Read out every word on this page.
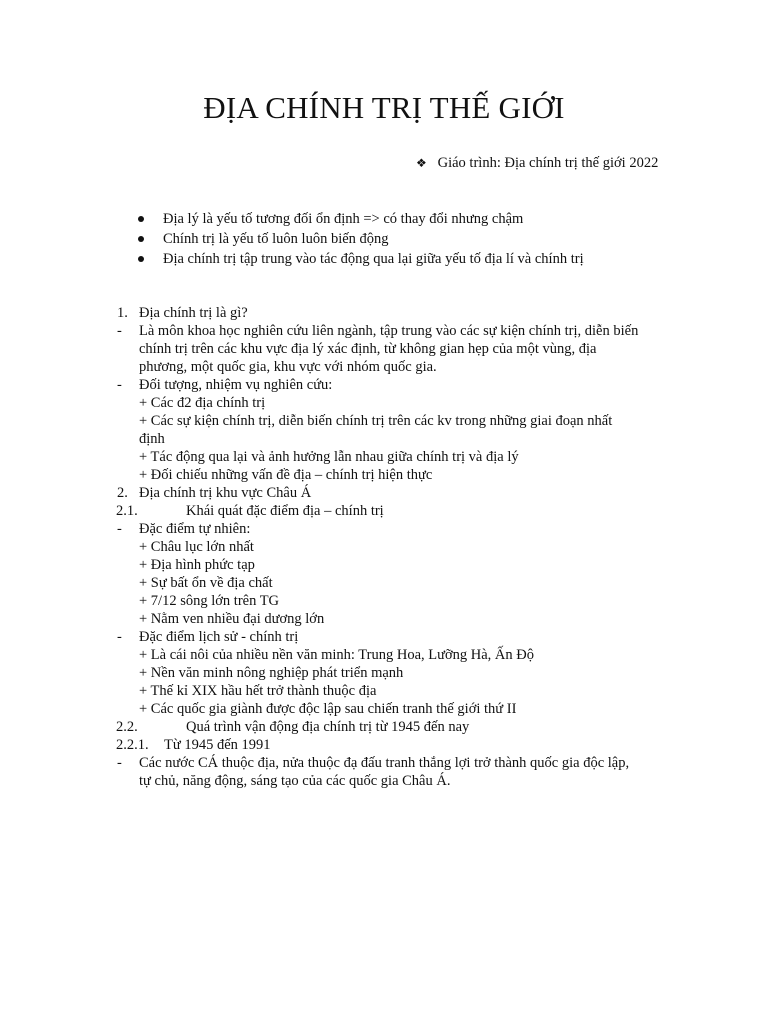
ĐỊA CHÍNH TRỊ THẾ GIỚI
❖ Giáo trình: Địa chính trị thế giới 2022
Địa lý là yếu tố tương đối ổn định => có thay đổi nhưng chậm
Chính trị là yếu tố luôn luôn biến động
Địa chính trị tập trung vào tác động qua lại giữa yếu tố địa lí và chính trị
1. Địa chính trị là gì?
- Là môn khoa học nghiên cứu liên ngành, tập trung vào các sự kiện chính trị, diễn biến
chính trị trên các khu vực địa lý xác định, từ không gian hẹp của một vùng, địa
phương, một quốc gia, khu vực với nhóm quốc gia.
- Đối tượng, nhiệm vụ nghiên cứu:
+ Các đ2 địa chính trị
+ Các sự kiện chính trị, diễn biến chính trị trên các kv trong những giai đoạn nhất
định
+ Tác động qua lại và ảnh hưởng lẫn nhau giữa chính trị và địa lý
+ Đối chiếu những vấn đề địa – chính trị hiện thực
2. Địa chính trị khu vực Châu Á
2.1.	Khái quát đặc điểm địa – chính trị
- Đặc điểm tự nhiên:
+ Châu lục lớn nhất
+ Địa hình phức tạp
+ Sự bất ổn về địa chất
+ 7/12 sông lớn trên TG
+ Nằm ven nhiều đại dương lớn
- Đặc điểm lịch sử - chính trị
+ Là cái nôi của nhiều nền văn minh: Trung Hoa, Lưỡng Hà, Ấn Độ
+ Nền văn minh nông nghiệp phát triển mạnh
+ Thế kỉ XIX hầu hết trở thành thuộc địa
+ Các quốc gia giành được độc lập sau chiến tranh thế giới thứ II
2.2.	Quá trình vận động địa chính trị từ 1945 đến nay
2.2.1. Từ 1945 đến 1991
- Các nước CÁ thuộc địa, nửa thuộc đạ đấu tranh thắng lợi trở thành quốc gia độc lập,
tự chủ, năng động, sáng tạo của các quốc gia Châu Á.
